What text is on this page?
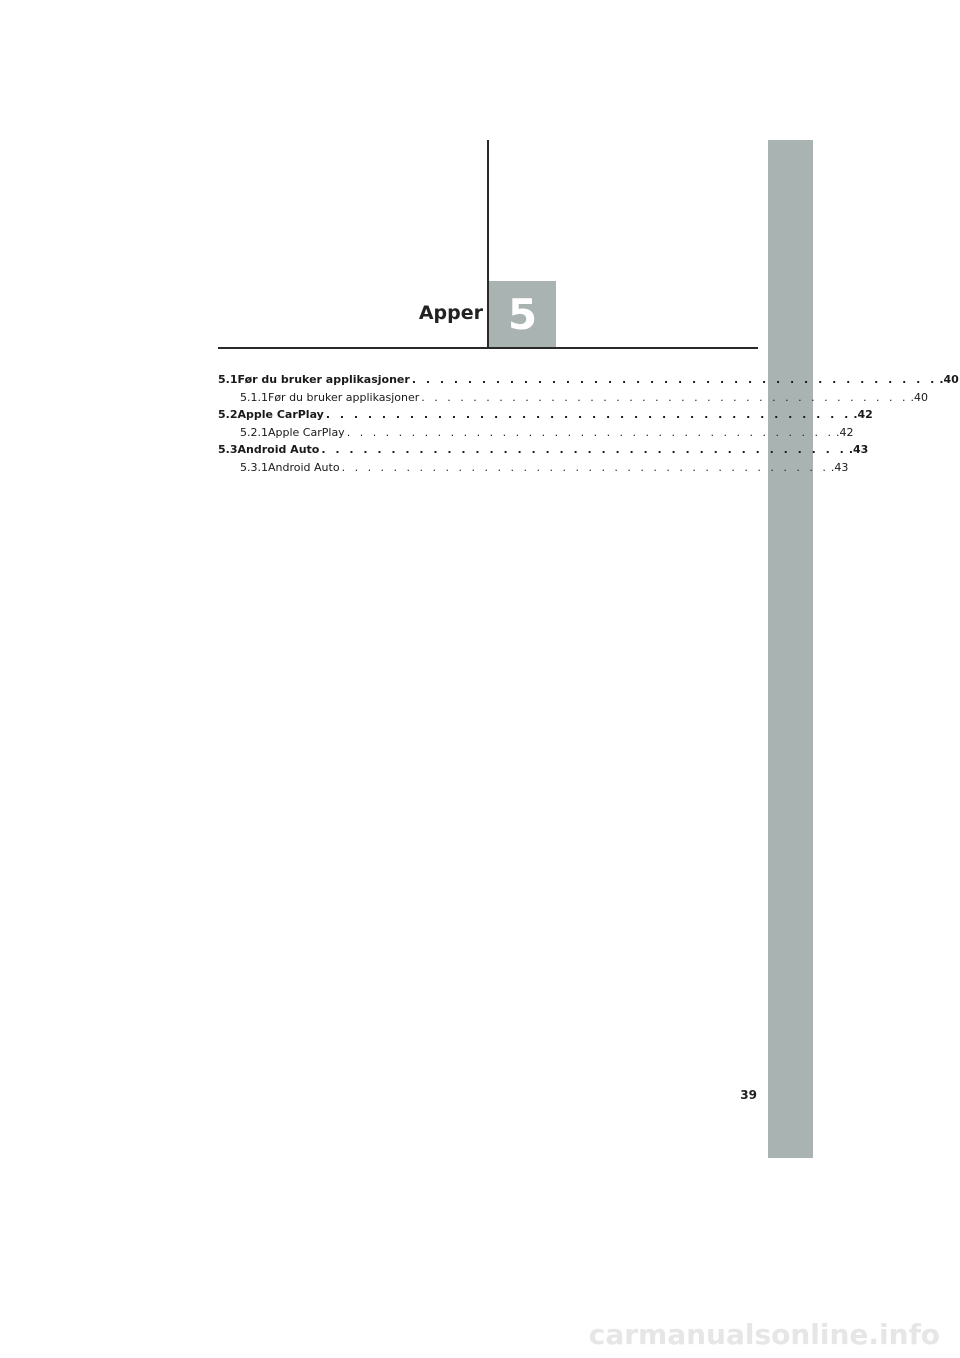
Apper 5
5.1 Før du bruker applikasjoner . . . . . . . . . . . . . . . . . . . . . . . . . . . . . . . . . . . . . . .40
5.1.1 Før du bruker applikasjoner . . . . . . . . . . . . . . . . . . . . . . . . . . . . . . . . . . . . . . .40
5.2 Apple CarPlay . . . . . . . . . . . . . . . . . . . . . . . . . . . . . . . . . . . . . . .42
5.2.1 Apple CarPlay . . . . . . . . . . . . . . . . . . . . . . . . . . . . . . . . . . . . . . .42
5.3 Android Auto . . . . . . . . . . . . . . . . . . . . . . . . . . . . . . . . . . . . . . .43
5.3.1 Android Auto . . . . . . . . . . . . . . . . . . . . . . . . . . . . . . . . . . . . . . .43
39
carmanualsonline.info
